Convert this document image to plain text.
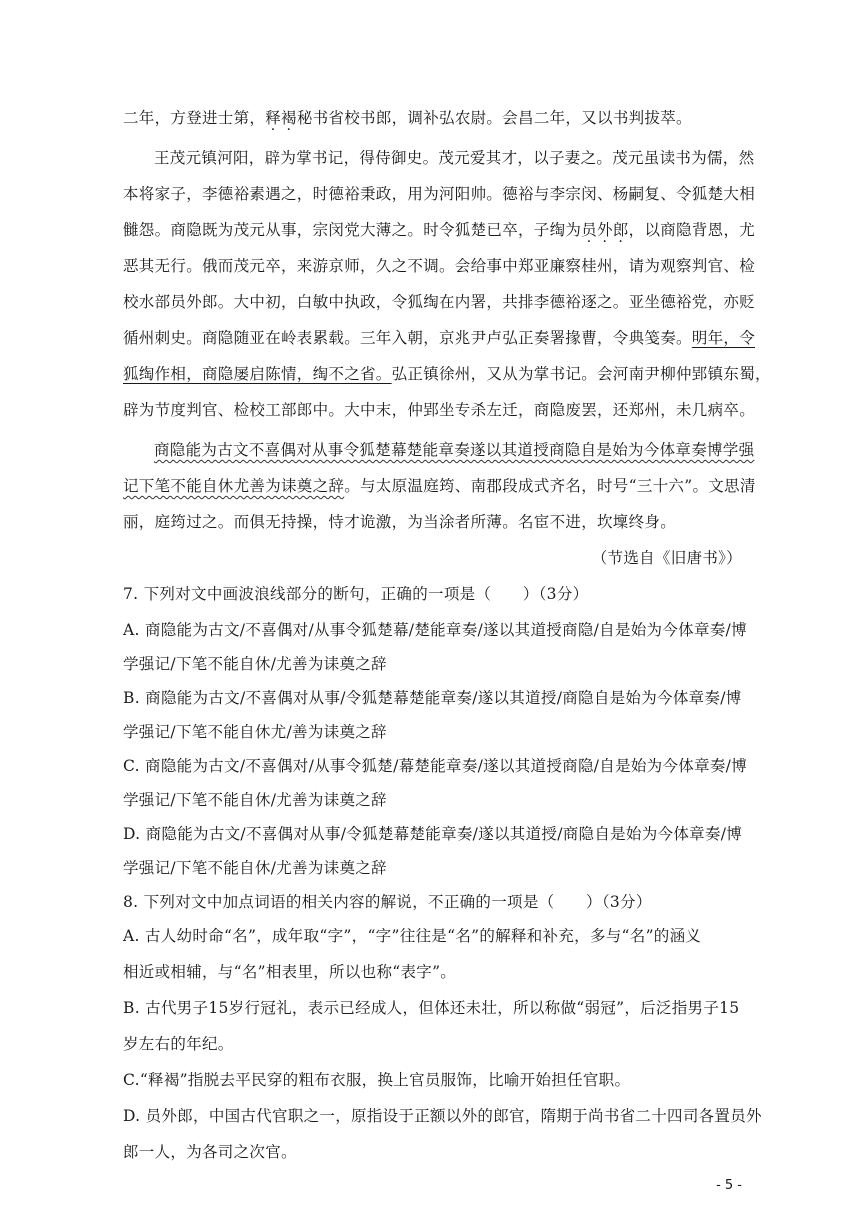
二年，方登进士第，释褐秘书省校书郎，调补弘农尉。会昌二年，又以书判拔萃。
王茂元镇河阳，辟为掌书记，得侍御史。茂元爱其才，以子妻之。茂元虽读书为儒，然
本将家子，李德裕素遇之，时德裕秉政，用为河阳帅。德裕与李宗闵、杨嗣复、令狐楚大相
雠怨。商隐既为茂元从事，宗闵党大薄之。时令狐楚已卒，子绹为员外郎，以商隐背恩，尤
恶其无行。俄而茂元卒，来游京师，久之不调。会给事中郑亚廉察桂州，请为观察判官、检
校水部员外郎。大中初，白敏中执政，令狐绹在内署，共排李德裕逐之。亚坐德裕党，亦贬
循州刺史。商隐随亚在岭表累载。三年入朝，京兆尹卢弘正奏署掾曹，令典笺奏。明年，令
狐绹作相，商隐屡启陈情，绹不之省。弘正镇徐州，又从为掌书记。会河南尹柳仲郢镇东蜀，
辟为节度判官、检校工部郎中。大中末，仲郢坐专杀左迁，商隐废罢，还郑州，未几病卒。
商隐能为古文不喜偶对从事令狐楚幕楚能章奏遂以其道授商隐自是始为今体章奏博学强
记下笔不能自休尤善为诔奠之辞。与太原温庭筠、南郡段成式齐名，时号“三十六”。文思清
丽，庭筠过之。而俱无持操，恃才诡激，为当涂者所薄。名宦不进，坎壈终身。
（节选自《旧唐书》）
7. 下列对文中画波浪线部分的断句，正确的一项是（　　）（3分）
A. 商隐能为古文/不喜偶对/从事令狐楚幕/楚能章奏/遂以其道授商隐/自是始为今体章奏/博
学强记/下笔不能自休/尤善为诔奠之辞
B. 商隐能为古文/不喜偶对从事/令狐楚幕楚能章奏/遂以其道授/商隐自是始为今体章奏/博
学强记/下笔不能自休尤/善为诔奠之辞
C. 商隐能为古文/不喜偶对/从事令狐楚/幕楚能章奏/遂以其道授商隐/自是始为今体章奏/博
学强记/下笔不能自休/尤善为诔奠之辞
D. 商隐能为古文/不喜偶对从事/令狐楚幕楚能章奏/遂以其道授/商隐自是始为今体章奏/博
学强记/下笔不能自休/尤善为诔奠之辞
8. 下列对文中加点词语的相关内容的解说，不正确的一项是（　　）（3分）
A. 古人幼时命“名”，成年取“字”，“字”往往是“名”的解释和补充，多与“名”的涵义
相近或相辅，与“名”相表里，所以也称“表字”。
B. 古代男子15岁行冠礼，表示已经成人，但体还未壮，所以称做“弱冠”，后泛指男子15
岁左右的年纪。
C.“释褐”指脱去平民穿的粗布衣服，换上官员服饰，比喻开始担任官职。
D. 员外郎，中国古代官职之一，原指设于正额以外的郎官，隋期于尚书省二十四司各置员外
郎一人，为各司之次官。
- 5 -
